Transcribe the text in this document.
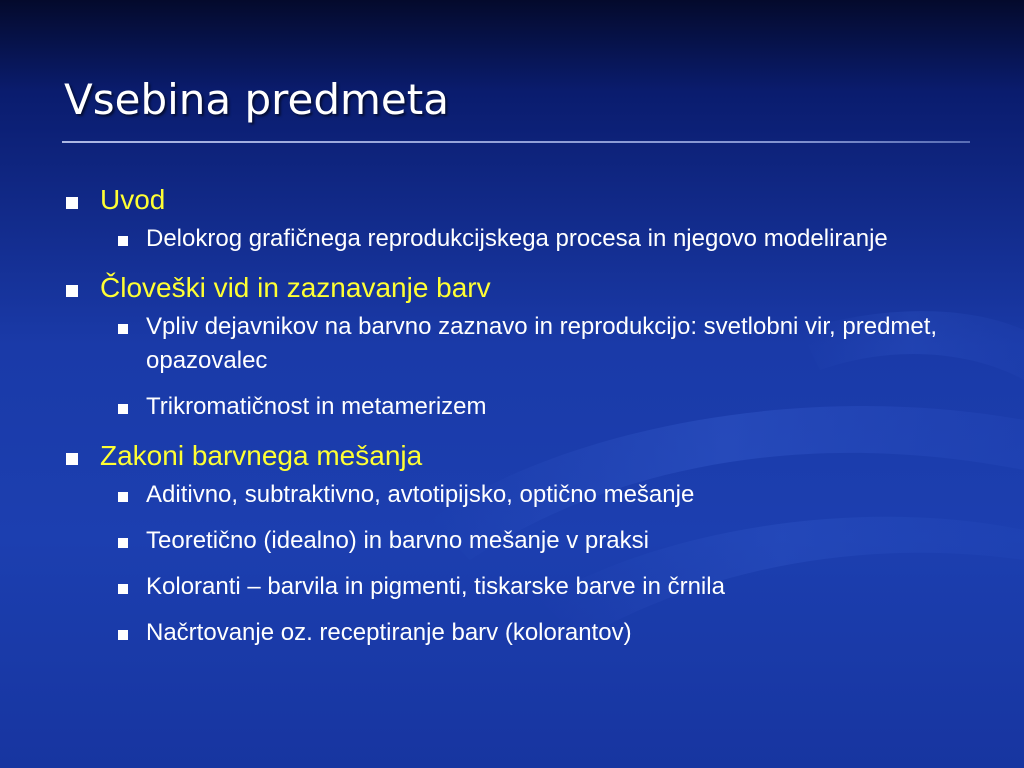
Vsebina predmeta
Uvod
Delokrog grafičnega reprodukcijskega procesa in njegovo modeliranje
Človeški vid in zaznavanje barv
Vpliv dejavnikov na barvno zaznavo in reprodukcijo: svetlobni vir, predmet, opazovalec
Trikromatičnost in metamerizem
Zakoni barvnega mešanja
Aditivno, subtraktivno, avtotipijsko, optično mešanje
Teoretično (idealno) in barvno mešanje v praksi
Koloranti – barvila in pigmenti, tiskarske barve in črnila
Načrtovanje oz. receptiranje barv (kolorantov)
